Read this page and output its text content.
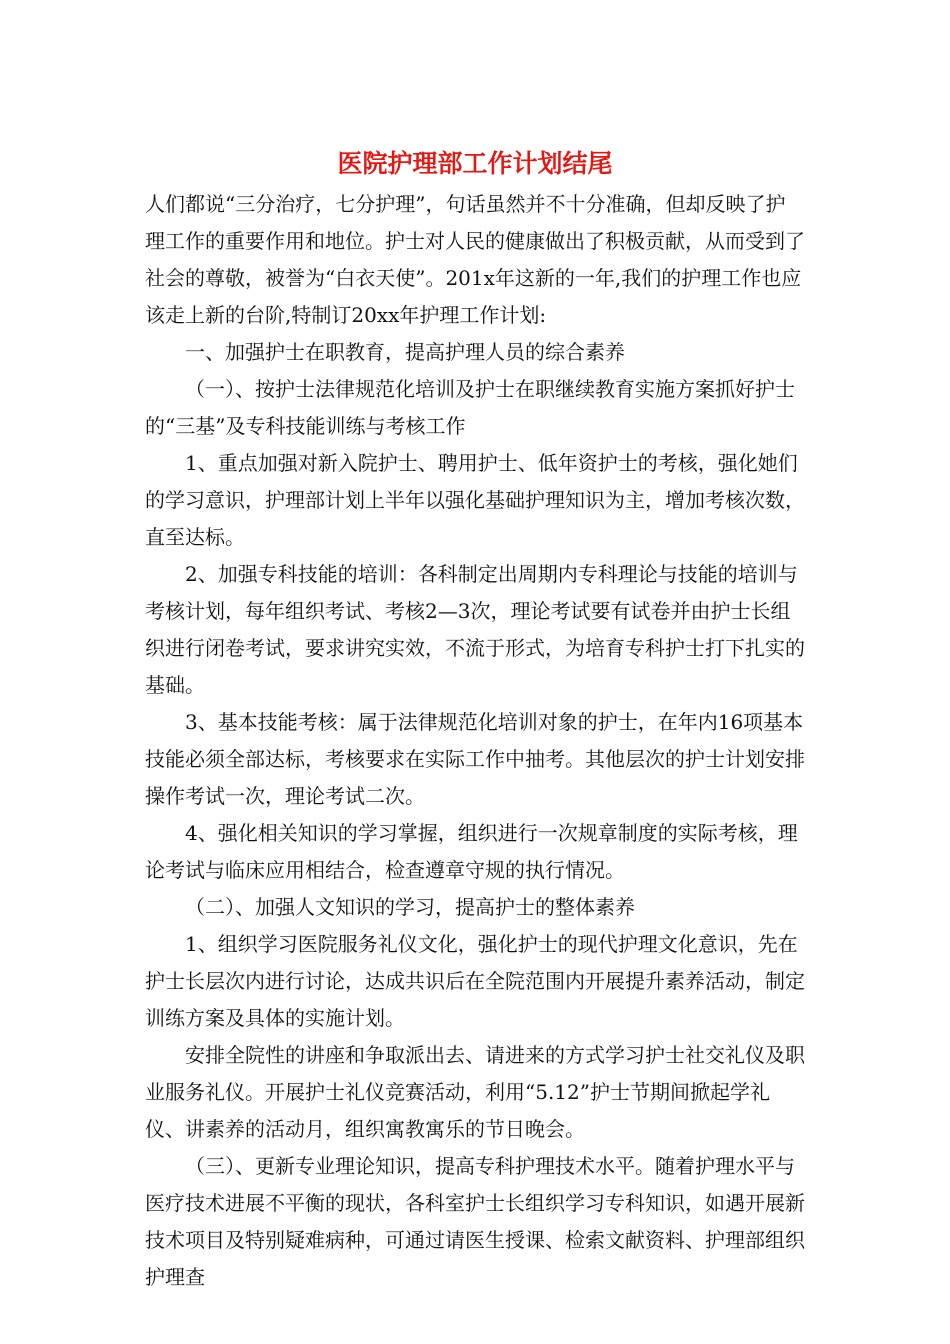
医院护理部工作计划结尾

人们都说“三分治疗，七分护理”，句话虽然并不十分准确，但却反映了护理工作的重要作用和地位。护士对人民的健康做出了积极贡献，从而受到了社会的尊敬，被誉为“白衣天使”。201x年这新的一年,我们的护理工作也应该走上新的台阶,特制订20xx年护理工作计划:

一、加强护士在职教育，提高护理人员的综合素养

（一）、按护士法律规范化培训及护士在职继续教育实施方案抓好护士的“三基”及专科技能训练与考核工作

1、重点加强对新入院护士、聘用护士、低年资护士的考核，强化她们的学习意识，护理部计划上半年以强化基础护理知识为主，增加考核次数，直至达标。

2、加强专科技能的培训：各科制定出周期内专科理论与技能的培训与考核计划，每年组织考试、考核2—3次，理论考试要有试卷并由护士长组织进行闭卷考试，要求讲究实效，不流于形式，为培育专科护士打下扎实的基础。

3、基本技能考核：属于法律规范化培训对象的护士，在年内16项基本技能必须全部达标，考核要求在实际工作中抽考。其他层次的护士计划安排操作考试一次，理论考试二次。

4、强化相关知识的学习掌握，组织进行一次规章制度的实际考核，理论考试与临床应用相结合，检查遵章守规的执行情况。

（二）、加强人文知识的学习，提高护士的整体素养

1、组织学习医院服务礼仪文化，强化护士的现代护理文化意识，先在护士长层次内进行讨论，达成共识后在全院范围内开展提升素养活动，制定训练方案及具体的实施计划。

安排全院性的讲座和争取派出去、请进来的方式学习护士社交礼仪及职业服务礼仪。开展护士礼仪竞赛活动，利用“5.12”护士节期间掀起学礼仪、讲素养的活动月，组织寓教寓乐的节日晚会。

（三）、更新专业理论知识，提高专科护理技术水平。随着护理水平与医疗技术进展不平衡的现状，各科室护士长组织学习专科知识，如遇开展新技术项目及特别疑难病种，可通过请医生授课、检索文献资料、护理部组织护理查
